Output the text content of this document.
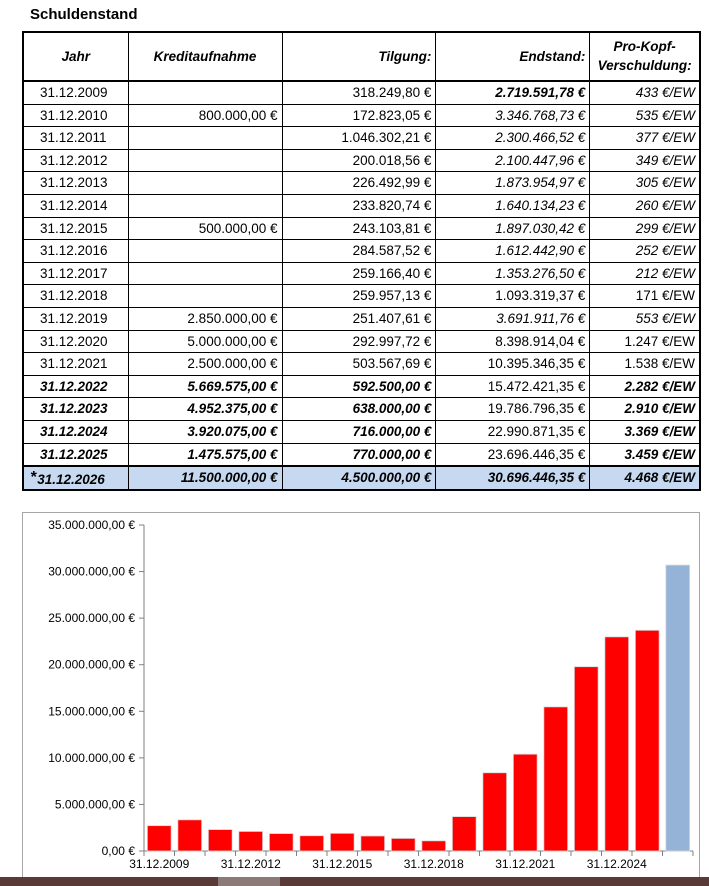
Schuldenstand
Jahr	Kreditaufnahme	Tilgung:	Endstand:	Pro-Kopf-
Verschuldung:
31.12.2009		318.249,80 €	2.719.591,78 €	433 €/EW
31.12.2010	800.000,00 €	172.823,05 €	3.346.768,73 €	535 €/EW
31.12.2011		1.046.302,21 €	2.300.466,52 €	377 €/EW
31.12.2012		200.018,56 €	2.100.447,96 €	349 €/EW
31.12.2013		226.492,99 €	1.873.954,97 €	305 €/EW
31.12.2014		233.820,74 €	1.640.134,23 €	260 €/EW
31.12.2015	500.000,00 €	243.103,81 €	1.897.030,42 €	299 €/EW
31.12.2016		284.587,52 €	1.612.442,90 €	252 €/EW
31.12.2017		259.166,40 €	1.353.276,50 €	212 €/EW
31.12.2018		259.957,13 €	1.093.319,37 €	171 €/EW
31.12.2019	2.850.000,00 €	251.407,61 €	3.691.911,76 €	553 €/EW
31.12.2020	5.000.000,00 €	292.997,72 €	8.398.914,04 €	1.247 €/EW
31.12.2021	2.500.000,00 €	503.567,69 €	10.395.346,35 €	1.538 €/EW
31.12.2022	5.669.575,00 €	592.500,00 €	15.472.421,35 €	2.282 €/EW
31.12.2023	4.952.375,00 €	638.000,00 €	19.786.796,35 €	2.910 €/EW
31.12.2024	3.920.075,00 €	716.000,00 €	22.990.871,35 €	3.369 €/EW
31.12.2025	1.475.575,00 €	770.000,00 €	23.696.446,35 €	3.459 €/EW
*31.12.2026	11.500.000,00 €	4.500.000,00 €	30.696.446,35 €	4.468 €/EW
0,00 €
5.000.000,00 €
10.000.000,00 €
15.000.000,00 €
20.000.000,00 €
25.000.000,00 €
30.000.000,00 €
35.000.000,00 €
31.12.2009	31.12.2012	31.12.2015	31.12.2018	31.12.2021	31.12.2024
